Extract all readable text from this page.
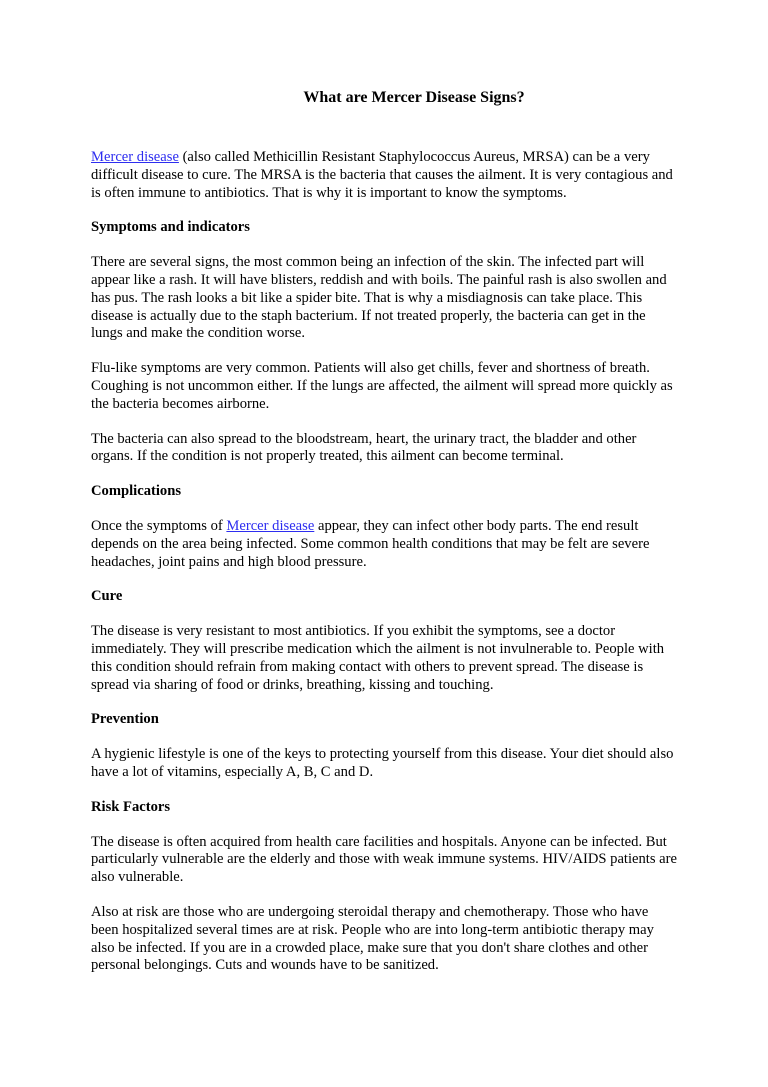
What are Mercer Disease Signs?

Mercer disease (also called Methicillin Resistant Staphylococcus Aureus, MRSA) can be a very difficult disease to cure. The MRSA is the bacteria that causes the ailment. It is very contagious and is often immune to antibiotics. That is why it is important to know the symptoms.

Symptoms and indicators

There are several signs, the most common being an infection of the skin. The infected part will appear like a rash. It will have blisters, reddish and with boils. The painful rash is also swollen and has pus. The rash looks a bit like a spider bite. That is why a misdiagnosis can take place. This disease is actually due to the staph bacterium. If not treated properly, the bacteria can get in the lungs and make the condition worse.

Flu-like symptoms are very common. Patients will also get chills, fever and shortness of breath. Coughing is not uncommon either. If the lungs are affected, the ailment will spread more quickly as the bacteria becomes airborne.

The bacteria can also spread to the bloodstream, heart, the urinary tract, the bladder and other organs. If the condition is not properly treated, this ailment can become terminal.

Complications

Once the symptoms of Mercer disease appear, they can infect other body parts. The end result depends on the area being infected. Some common health conditions that may be felt are severe headaches, joint pains and high blood pressure.

Cure

The disease is very resistant to most antibiotics. If you exhibit the symptoms, see a doctor immediately. They will prescribe medication which the ailment is not invulnerable to. People with this condition should refrain from making contact with others to prevent spread. The disease is spread via sharing of food or drinks, breathing, kissing and touching.

Prevention

A hygienic lifestyle is one of the keys to protecting yourself from this disease. Your diet should also have a lot of vitamins, especially A, B, C and D.

Risk Factors

The disease is often acquired from health care facilities and hospitals. Anyone can be infected. But particularly vulnerable are the elderly and those with weak immune systems. HIV/AIDS patients are also vulnerable.

Also at risk are those who are undergoing steroidal therapy and chemotherapy. Those who have been hospitalized several times are at risk. People who are into long-term antibiotic therapy may also be infected. If you are in a crowded place, make sure that you don't share clothes and other personal belongings. Cuts and wounds have to be sanitized.
